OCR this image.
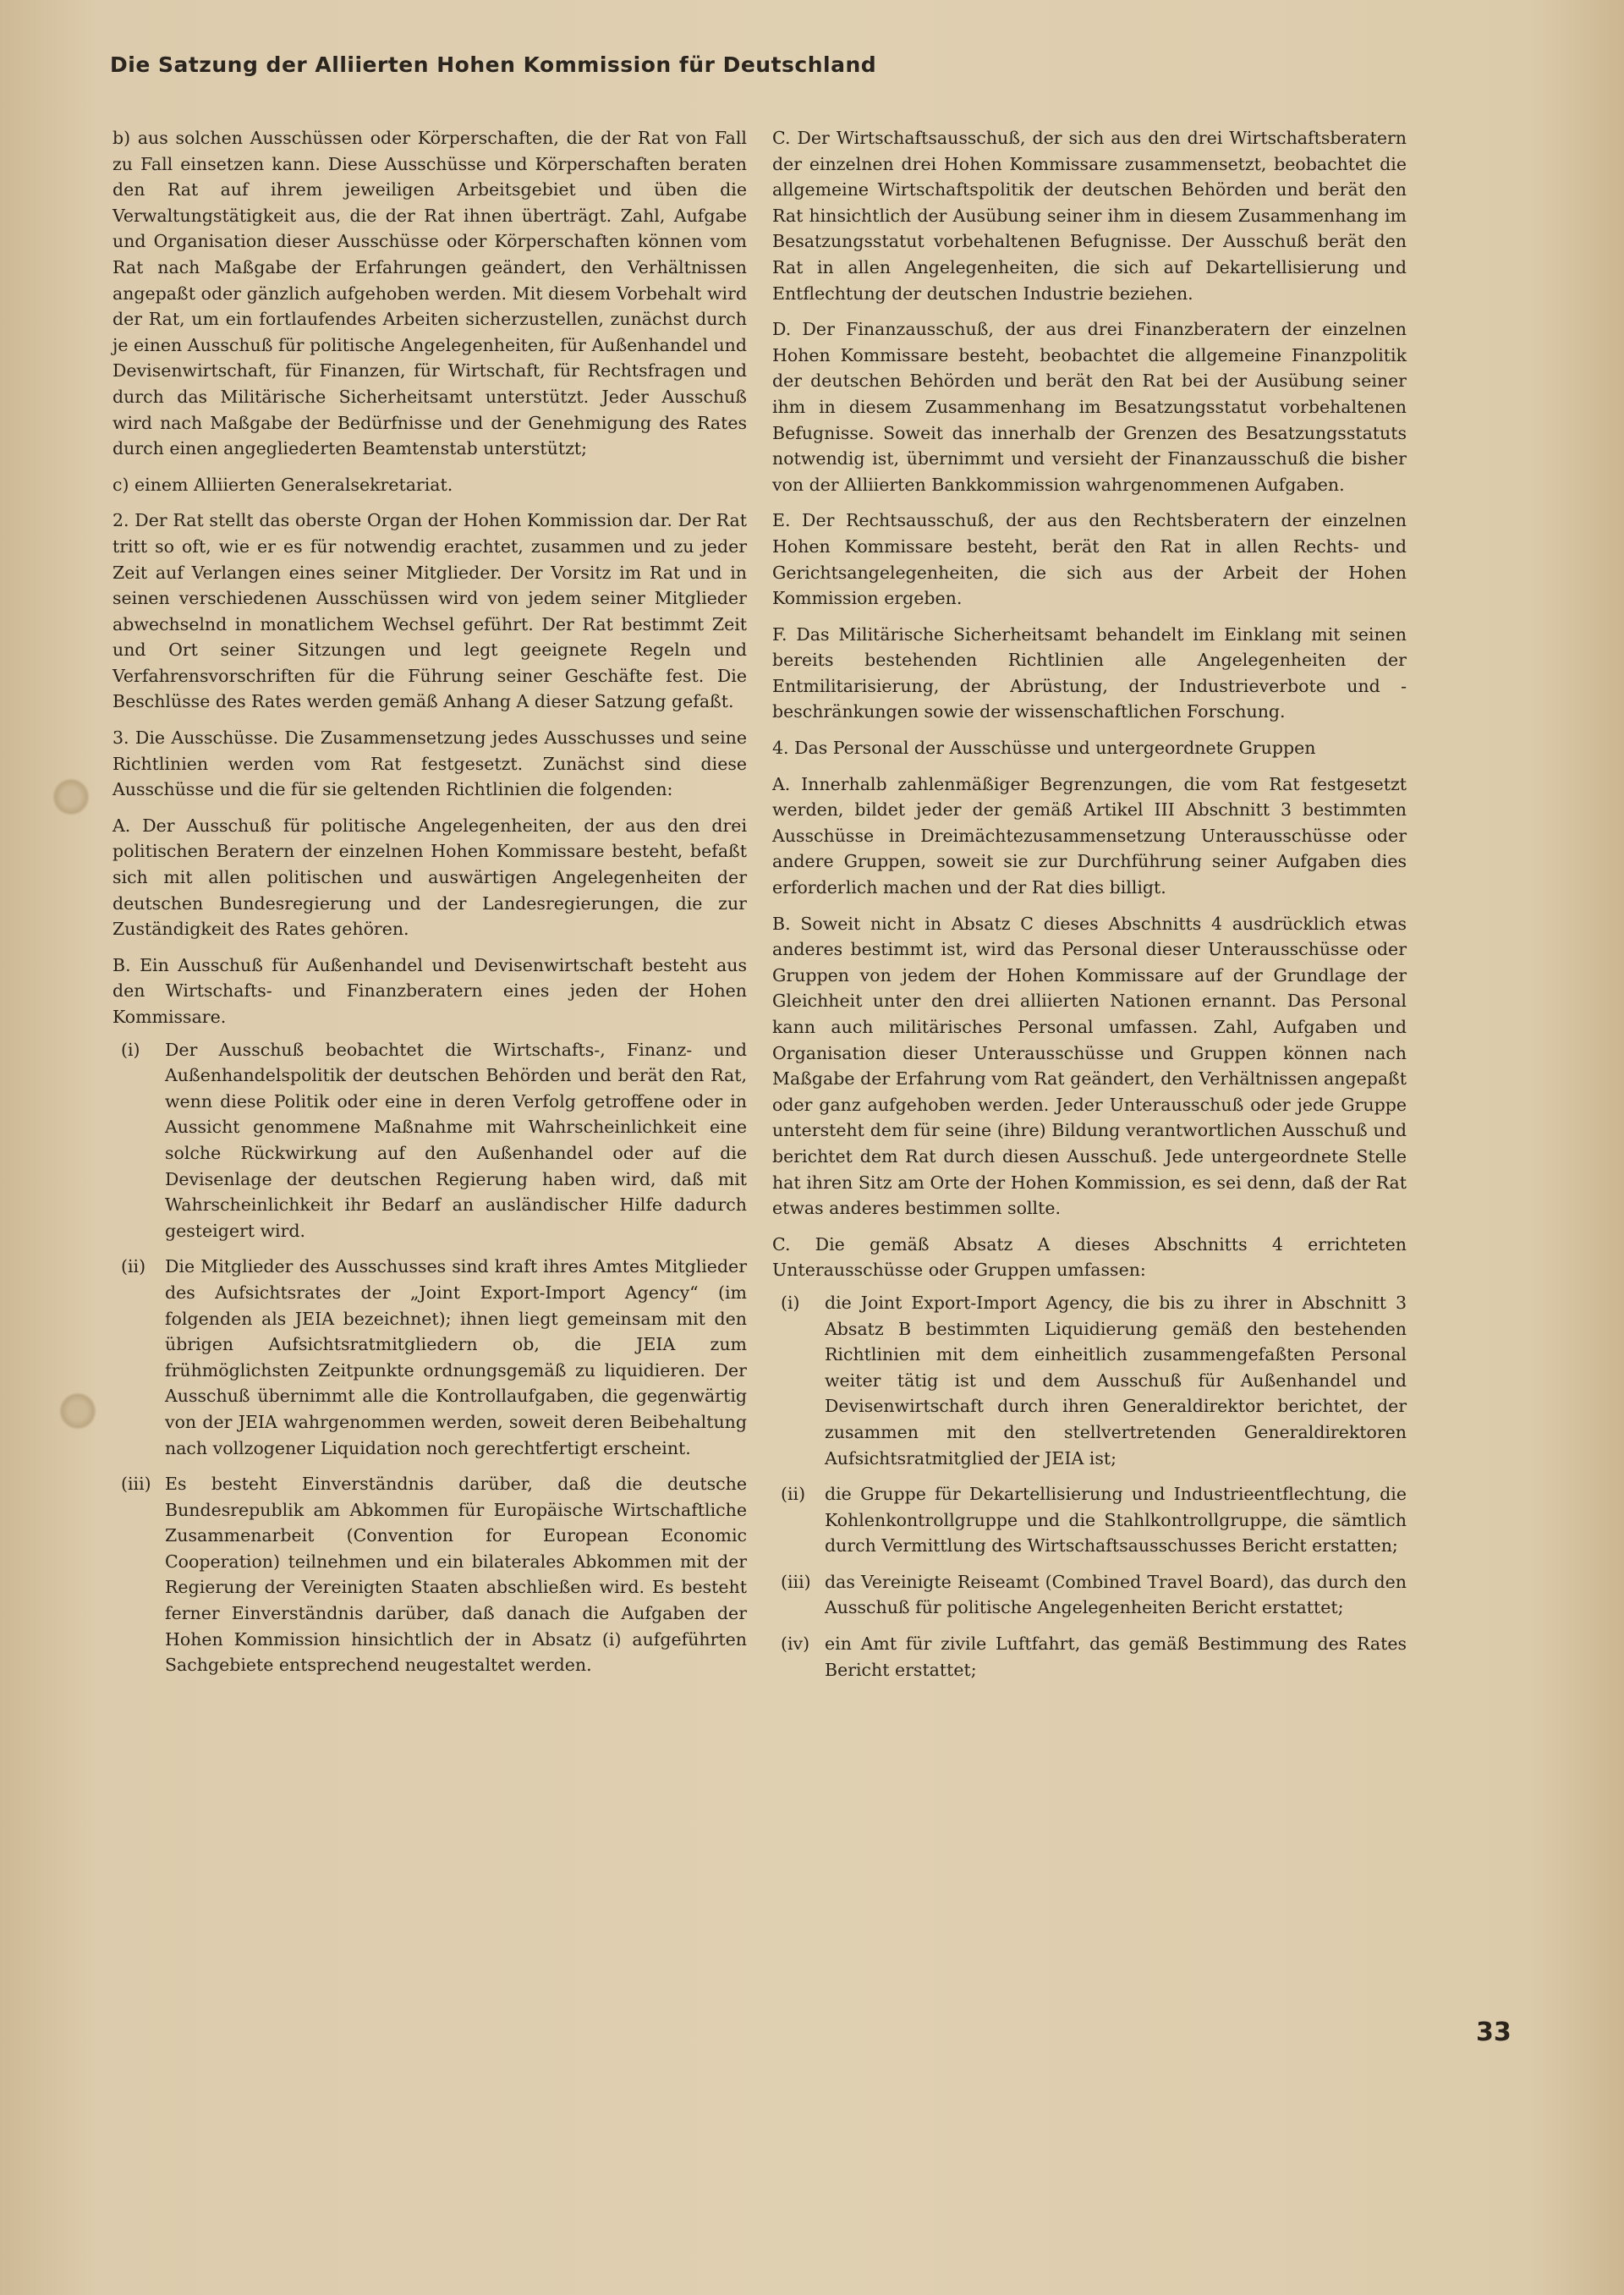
Die Satzung der Alliierten Hohen Kommission für Deutschland

b) aus solchen Ausschüssen oder Körperschaften, die der Rat von Fall zu Fall einsetzen kann. Diese Ausschüsse und Körperschaften beraten den Rat auf ihrem jeweiligen Arbeitsgebiet und üben die Verwaltungstätigkeit aus, die der Rat ihnen überträgt. Zahl, Aufgabe und Organisation dieser Ausschüsse oder Körperschaften können vom Rat nach Maßgabe der Erfahrungen geändert, den Verhältnissen angepaßt oder gänzlich aufgehoben werden. Mit diesem Vorbehalt wird der Rat, um ein fortlaufendes Arbeiten sicherzustellen, zunächst durch je einen Ausschuß für politische Angelegenheiten, für Außenhandel und Devisenwirtschaft, für Finanzen, für Wirtschaft, für Rechtsfragen und durch das Militärische Sicherheitsamt unterstützt. Jeder Ausschuß wird nach Maßgabe der Bedürfnisse und der Genehmigung des Rates durch einen angegliederten Beamtenstab unterstützt;

c) einem Alliierten Generalsekretariat.

2. Der Rat stellt das oberste Organ der Hohen Kommission dar. Der Rat tritt so oft, wie er es für notwendig erachtet, zusammen und zu jeder Zeit auf Verlangen eines seiner Mitglieder. Der Vorsitz im Rat und in seinen verschiedenen Ausschüssen wird von jedem seiner Mitglieder abwechselnd in monatlichem Wechsel geführt. Der Rat bestimmt Zeit und Ort seiner Sitzungen und legt geeignete Regeln und Verfahrensvorschriften für die Führung seiner Geschäfte fest. Die Beschlüsse des Rates werden gemäß Anhang A dieser Satzung gefaßt.

3. Die Ausschüsse. Die Zusammensetzung jedes Ausschusses und seine Richtlinien werden vom Rat festgesetzt. Zunächst sind diese Ausschüsse und die für sie geltenden Richtlinien die folgenden:

A. Der Ausschuß für politische Angelegenheiten, der aus den drei politischen Beratern der einzelnen Hohen Kommissare besteht, befaßt sich mit allen politischen und auswärtigen Angelegenheiten der deutschen Bundesregierung und der Landesregierungen, die zur Zuständigkeit des Rates gehören.

B. Ein Ausschuß für Außenhandel und Devisenwirtschaft besteht aus den Wirtschafts- und Finanzberatern eines jeden der Hohen Kommissare.

(i)	Der Ausschuß beobachtet die Wirtschafts-, Finanz- und Außenhandelspolitik der deutschen Behörden und berät den Rat, wenn diese Politik oder eine in deren Verfolg getroffene oder in Aussicht genommene Maßnahme mit Wahrscheinlichkeit eine solche Rückwirkung auf den Außenhandel oder auf die Devisenlage der deutschen Regierung haben wird, daß mit Wahrscheinlichkeit ihr Bedarf an ausländischer Hilfe dadurch gesteigert wird.
(ii)	Die Mitglieder des Ausschusses sind kraft ihres Amtes Mitglieder des Aufsichtsrates der „Joint Export-Import Agency“ (im folgenden als JEIA bezeichnet); ihnen liegt gemeinsam mit den übrigen Aufsichtsratmitgliedern ob, die JEIA zum frühmöglichsten Zeitpunkte ordnungsgemäß zu liquidieren. Der Ausschuß übernimmt alle die Kontrollaufgaben, die gegenwärtig von der JEIA wahrgenommen werden, soweit deren Beibehaltung nach vollzogener Liquidation noch gerechtfertigt erscheint.
(iii) Es besteht Einverständnis darüber, daß die deutsche Bundesrepublik am Abkommen für Europäische Wirtschaftliche Zusammenarbeit (Convention for European Economic Cooperation) teilnehmen und ein bilaterales Abkommen mit der Regierung der Vereinigten Staaten abschließen wird. Es besteht ferner Einverständnis darüber, daß danach die Aufgaben der Hohen Kommission hinsichtlich der in Absatz (i) aufgeführten Sachgebiete entsprechend neugestaltet werden.

C. Der Wirtschaftsausschuß, der sich aus den drei Wirtschaftsberatern der einzelnen drei Hohen Kommissare zusammensetzt, beobachtet die allgemeine Wirtschaftspolitik der deutschen Behörden und berät den Rat hinsichtlich der Ausübung seiner ihm in diesem Zusammenhang im Besatzungsstatut vorbehaltenen Befugnisse. Der Ausschuß berät den Rat in allen Angelegenheiten, die sich auf Dekartellisierung und Entflechtung der deutschen Industrie beziehen.

D. Der Finanzausschuß, der aus drei Finanzberatern der einzelnen Hohen Kommissare besteht, beobachtet die allgemeine Finanzpolitik der deutschen Behörden und berät den Rat bei der Ausübung seiner ihm in diesem Zusammenhang im Besatzungsstatut vorbehaltenen Befugnisse. Soweit das innerhalb der Grenzen des Besatzungsstatuts notwendig ist, übernimmt und versieht der Finanzausschuß die bisher von der Alliierten Bankkommission wahrgenommenen Aufgaben.

E. Der Rechtsausschuß, der aus den Rechtsberatern der einzelnen Hohen Kommissare besteht, berät den Rat in allen Rechts- und Gerichtsangelegenheiten, die sich aus der Arbeit der Hohen Kommission ergeben.

F. Das Militärische Sicherheitsamt behandelt im Einklang mit seinen bereits bestehenden Richtlinien alle Angelegenheiten der Entmilitarisierung, der Abrüstung, der Industrieverbote und -beschränkungen sowie der wissenschaftlichen Forschung.

4. Das Personal der Ausschüsse und untergeordnete Gruppen

A. Innerhalb zahlenmäßiger Begrenzungen, die vom Rat festgesetzt werden, bildet jeder der gemäß Artikel III Abschnitt 3 bestimmten Ausschüsse in Dreimächtezusammensetzung Unterausschüsse oder andere Gruppen, soweit sie zur Durchführung seiner Aufgaben dies erforderlich machen und der Rat dies billigt.

B. Soweit nicht in Absatz C dieses Abschnitts 4 ausdrücklich etwas anderes bestimmt ist, wird das Personal dieser Unterausschüsse oder Gruppen von jedem der Hohen Kommissare auf der Grundlage der Gleichheit unter den drei alliierten Nationen ernannt. Das Personal kann auch militärisches Personal umfassen. Zahl, Aufgaben und Organisation dieser Unterausschüsse und Gruppen können nach Maßgabe der Erfahrung vom Rat geändert, den Verhältnissen angepaßt oder ganz aufgehoben werden. Jeder Unterausschuß oder jede Gruppe untersteht dem für seine (ihre) Bildung verantwortlichen Ausschuß und berichtet dem Rat durch diesen Ausschuß. Jede untergeordnete Stelle hat ihren Sitz am Orte der Hohen Kommission, es sei denn, daß der Rat etwas anderes bestimmen sollte.

C. Die gemäß Absatz A dieses Abschnitts 4 errichteten Unterausschüsse oder Gruppen umfassen:

(i)	die Joint Export-Import Agency, die bis zu ihrer in Abschnitt 3 Absatz B bestimmten Liquidierung gemäß den bestehenden Richtlinien mit dem einheitlich zusammengefaßten Personal weiter tätig ist und dem Ausschuß für Außenhandel und Devisenwirtschaft durch ihren Generaldirektor berichtet, der zusammen mit den stellvertretenden Generaldirektoren Aufsichtsratmitglied der JEIA ist;
(ii)	die Gruppe für Dekartellisierung und Industrieentflechtung, die Kohlenkontrollgruppe und die Stahlkontrollgruppe, die sämtlich durch Vermittlung des Wirtschaftsausschusses Bericht erstatten;
(iii) das Vereinigte Reiseamt (Combined Travel Board), das durch den Ausschuß für politische Angelegenheiten Bericht erstattet;
(iv) ein Amt für zivile Luftfahrt, das gemäß Bestimmung des Rates Bericht erstattet;
33
